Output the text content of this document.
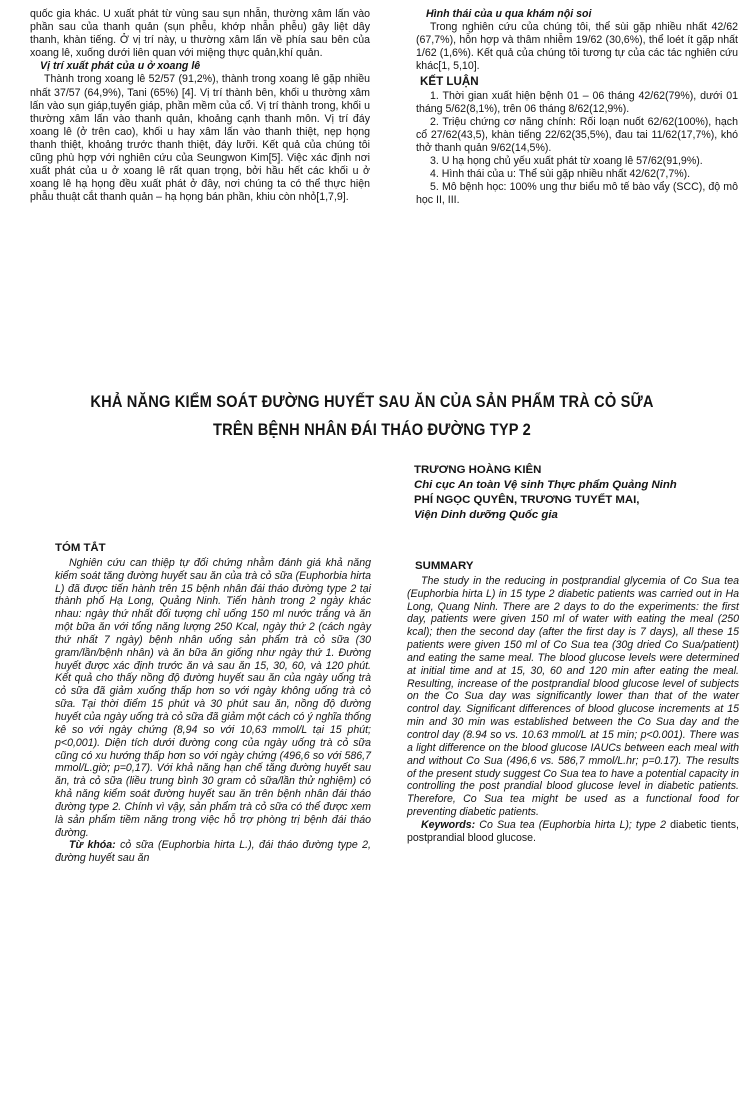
quốc gia khác. U xuất phát từ vùng sau sụn nhẫn, thường xâm lấn vào phần sau của thanh quản (sụn phễu, khớp nhẫn phễu) gây liệt dây thanh, khàn tiếng. Ở vị trí này, u thường xâm lấn về phía sau bên của xoang lê, xuống dưới liên quan với miệng thực quản,khí quản.

Vị trí xuất phát của u ở xoang lê

Thành trong xoang lê 52/57 (91,2%), thành trong xoang lê gặp nhiều nhất 37/57 (64,9%), Tani (65%) [4]. Vị trí thành bên, khối u thường xâm lấn vào sụn giáp,tuyến giáp, phần mềm của cổ. Vị trí thành trong, khối u thường xâm lấn vào thanh quản, khoảng cạnh thanh môn. Vị trí đáy xoang lê (ở trên cao), khối u hay xâm lấn vào thanh thiệt, nẹp họng thanh thiệt, khoảng trước thanh thiệt, đáy lưỡi. Kết quả của chúng tôi cũng phù hợp với nghiên cứu của Seungwon Kim[5]. Việc xác định nơi xuất phát của u ở xoang lê rất quan trọng, bởi hầu hết các khối u ở xoang lê hạ họng đều xuất phát ở đây, nơi chúng ta có thể thực hiện phẫu thuật cắt thanh quản – hạ họng bán phần, khiu còn nhỏ[1,7,9].

Hình thái của u qua khám nội soi

Trong nghiên cứu của chúng tôi, thể sùi gặp nhiều nhất 42/62 (67,7%), hỗn hợp và thâm nhiễm 19/62 (30,6%), thể loét ít gặp nhất 1/62 (1,6%). Kết quả của chúng tôi tương tự của các tác nghiên cứu khác[1, 5,10].

KẾT LUẬN

1. Thời gian xuất hiện bệnh 01 – 06 tháng 42/62(79%), dưới 01 tháng 5/62(8,1%), trên 06 tháng 8/62(12,9%).

2. Triệu chứng cơ năng chính: Rối loạn nuốt 62/62(100%), hạch cổ 27/62(43,5), khàn tiếng 22/62(35,5%), đau tai 11/62(17,7%), khó thở thanh quản 9/62(14,5%).

3. U hạ họng chủ yếu xuất phát từ xoang lê 57/62(91,9%).

4. Hình thái của u: Thể sùi gặp nhiều nhất 42/62(7,7%).

5. Mô bệnh học: 100% ung thư biểu mô tế bào vẩy (SCC), độ mô học II, III.

KHẢ NĂNG KIỂM SOÁT ĐƯỜNG HUYẾT SAU ĂN CỦA SẢN PHẨM TRÀ CỎ SỮA
TRÊN BỆNH NHÂN ĐÁI THÁO ĐƯỜNG TYP 2

TRƯƠNG HOÀNG KIÊN

Chi cục An toàn Vệ sinh Thực phẩm Quảng Ninh

PHÍ NGỌC QUYÊN, TRƯƠNG TUYẾT MAI,

Viện Dinh dưỡng Quốc gia

TÓM TẮT

Nghiên cứu can thiệp tự đối chứng nhằm đánh giá khả năng kiểm soát tăng đường huyết sau ăn của trà cỏ sữa (Euphorbia hirta L) đã được tiến hành trên 15 bệnh nhân đái tháo đường type 2 tại thành phố Hạ Long, Quảng Ninh. Tiến hành trong 2 ngày khác nhau: ngày thứ nhất đối tượng chỉ uống 150 ml nước trắng và ăn một bữa ăn với tổng năng lượng 250 Kcal, ngày thứ 2 (cách ngày thứ nhất 7 ngày) bệnh nhân uống sản phẩm trà cỏ sữa (30 gram/lần/bệnh nhân) và ăn bữa ăn giống như ngày thứ 1. Đường huyết được xác định trước ăn và sau ăn 15, 30, 60, và 120 phút. Kết quả cho thấy nồng độ đường huyết sau ăn của ngày uống trà cỏ sữa đã giảm xuống thấp hơn so với ngày không uống trà cỏ sữa. Tại thời điểm 15 phút và 30 phút sau ăn, nồng độ đường huyết của ngày uống trà cỏ sữa đã giảm một cách có ý nghĩa thống kê so với ngày chứng (8,94 so với 10,63 mmol/L tại 15 phút; p<0,001). Diện tích dưới đường cong của ngày uống trà cỏ sữa cũng có xu hướng thấp hơn so với ngày chứng (496,6 so với 586,7 mmol/L.giờ; p=0,17). Với khả năng hạn chế tăng đường huyết sau ăn, trà cỏ sữa (liều trung bình 30 gram cỏ sữa/lần thử nghiệm) có khả năng kiểm soát đường huyết sau ăn trên bệnh nhân đái tháo đường type 2. Chính vì vậy, sản phẩm trà cỏ sữa có thể được xem là sản phẩm tiềm năng trong việc hỗ trợ phòng trị bệnh đái tháo đường.

Từ khóa: cỏ sữa (Euphorbia hirta L.), đái tháo đường type 2, đường huyết sau ăn

SUMMARY

The study in the reducing in postprandial glycemia of Co Sua tea (Euphorbia hirta L) in 15 type 2 diabetic patients was carried out in Ha Long, Quang Ninh. There are 2 days to do the experiments: the first day, patients were given 150 ml of water with eating the meal (250 kcal); then the second day (after the first day is 7 days), all these 15 patients were given 150 ml of Co Sua tea (30g dried Co Sua/patient) and eating the same meal. The blood glucose levels were determined at initial time and at 15, 30, 60 and 120 min after eating the meal. Resulting, increase of the postprandial blood glucose level of subjects on the Co Sua day was significantly lower than that of the water control day. Significant differences of blood glucose increments at 15 min and 30 min was established between the Co Sua day and the control day (8.94 so vs. 10.63 mmol/L at 15 min; p<0.001). There was a light difference on the blood glucose IAUCs between each meal with and without Co Sua (496,6 vs. 586,7 mmol/L.hr; p=0.17). The results of the present study suggest Co Sua tea to have a potential capacity in controlling the post prandial blood glucose level in diabetic patients. Therefore, Co Sua tea might be used as a functional food for preventing diabetic patients.

Keywords: Co Sua tea (Euphorbia hirta L); type 2 diabetic tients, postprandial blood glucose.
